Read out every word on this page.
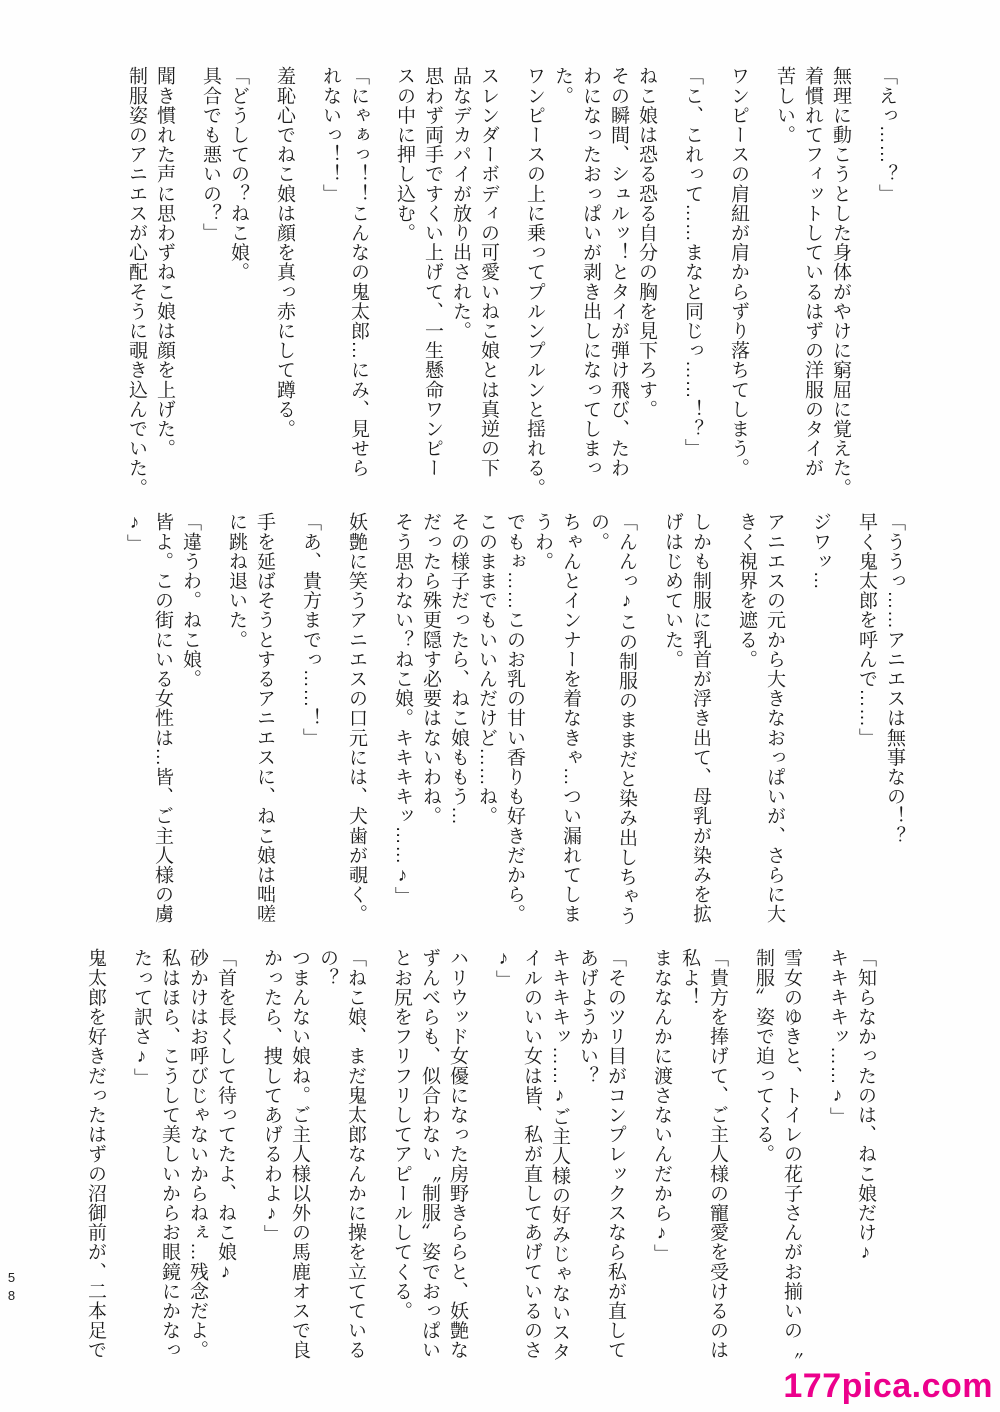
「えっ……？」

無理に動こうとした身体がやけに窮屈に覚えた。

着慣れてフィットしているはずの洋服のタイが

苦しい。

ワンピースの肩紐が肩からずり落ちてしまう。

「こ、これって……まなと同じっ……！？」

ねこ娘は恐る恐る自分の胸を見下ろす。

その瞬間、シュルッ！とタイが弾け飛び、たわ

わになったおっぱいが剥き出しになってしまっ

た。

ワンピースの上に乗ってプルンプルンと揺れる。

スレンダーボディの可愛いねこ娘とは真逆の下

品なデカパイが放り出された。

思わず両手ですくい上げて、一生懸命ワンピー

スの中に押し込む。

「にゃぁっ！！こんなの鬼太郎…にみ、見せら

れないっ！！」

羞恥心でねこ娘は顔を真っ赤にして蹲る。

「どうしての？ねこ娘。

具合でも悪いの？」

聞き慣れた声に思わずねこ娘は顔を上げた。

制服姿のアニエスが心配そうに覗き込んでいた。

「ううっ……アニエスは無事なの！？

早く鬼太郎を呼んで……」

ジワッ…

アニエスの元から大きなおっぱいが、さらに大

きく視界を遮る。

しかも制服に乳首が浮き出て、母乳が染みを拡

げはじめていた。

「んんっ♪この制服のままだと染み出しちゃう

の。

ちゃんとインナーを着なきゃ…つい漏れてしま

うわ。

でもぉ……このお乳の甘い香りも好きだから。

このままでもいいんだけど……ね。

その様子だったら、ねこ娘ももう…

だったら殊更隠す必要はないわね。

そう思わない？ねこ娘。キキキキッ……♪」

妖艶に笑うアニエスの口元には、犬歯が覗く。

「あ、貴方までっ……！」

手を延ばそうとするアニエスに、ねこ娘は咄嗟

に跳ね退いた。

「違うわ。ねこ娘。

皆よ。この街にいる女性は…皆、ご主人様の虜

♪」

「知らなかったのは、ねこ娘だけ♪

キキキキッ……♪」

雪女のゆきと、トイレの花子さんがお揃いの〝

制服〟姿で迫ってくる。

「貴方を捧げて、ご主人様の寵愛を受けるのは

私よ！

まななんかに渡さないんだから♪」

「そのツリ目がコンプレックスなら私が直して

あげようかい？

キキキキッ……♪ご主人様の好みじゃないスタ

イルのいい女は皆、私が直してあげているのさ

♪」

ハリウッド女優になった房野きららと、妖艶な

ずんべらも、似合わない〝制服〟姿でおっぱい

とお尻をフリフリしてアピールしてくる。

「ねこ娘、まだ鬼太郎なんかに操を立てている

の？

つまんない娘ね。ご主人様以外の馬鹿オスで良

かったら、捜してあげるわよ♪」

「首を長くして待ってたよ、ねこ娘♪

砂かけはお呼びじゃないからねぇ…残念だよ。

私はほら、こうして美しいからお眼鏡にかなっ

たって訳さ♪」

鬼太郎を好きだったはずの沼御前が、二本足で

58
177pica.com
